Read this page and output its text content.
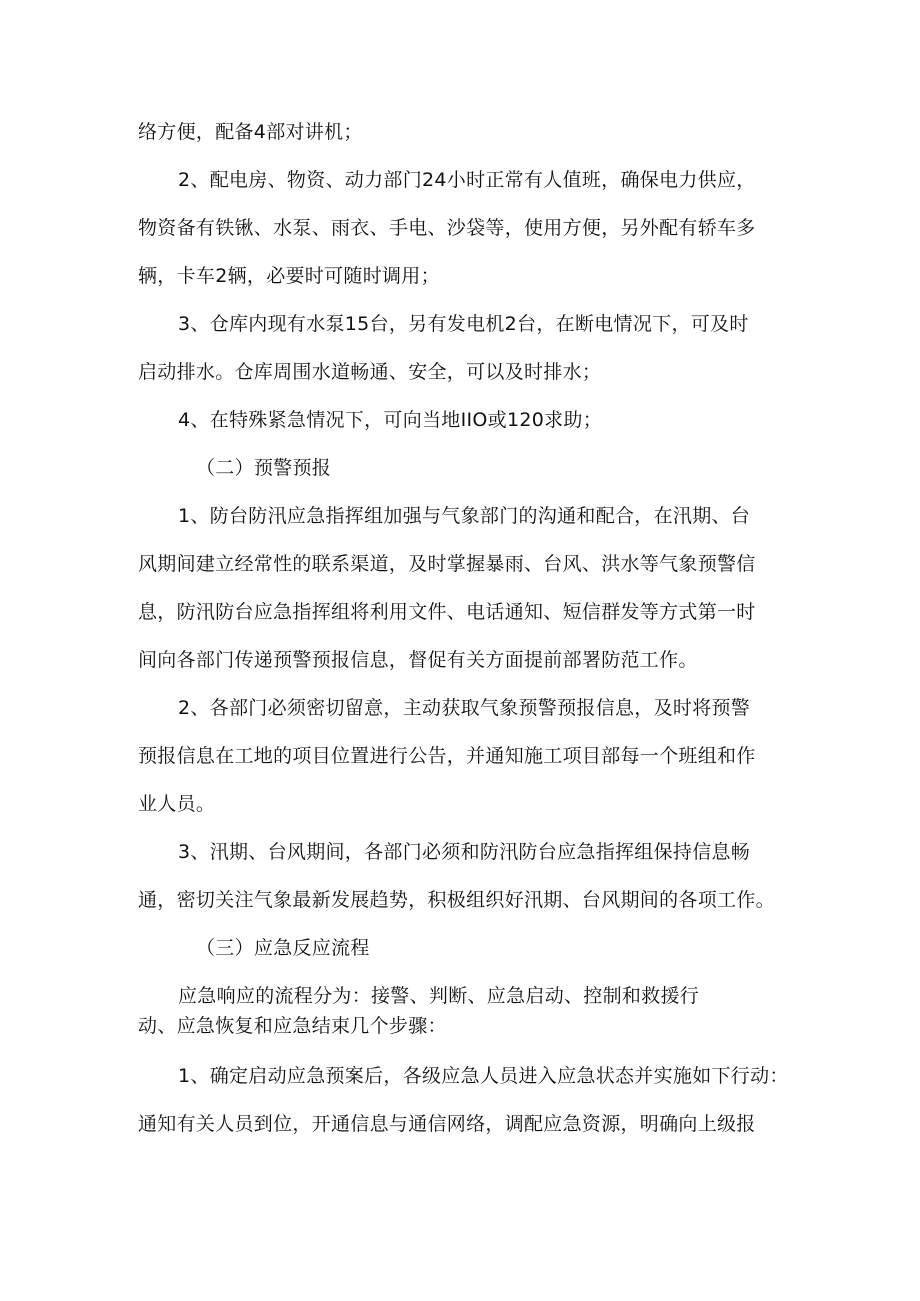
络方便，配备4部对讲机；
2、配电房、物资、动力部门24小时正常有人值班，确保电力供应，
物资备有铁锹、水泵、雨衣、手电、沙袋等，使用方便，另外配有轿车多
辆，卡车2辆，必要时可随时调用；
3、仓库内现有水泵15台，另有发电机2台，在断电情况下，可及时
启动排水。仓库周围水道畅通、安全，可以及时排水；
4、在特殊紧急情况下，可向当地IIO或120求助；
（二）预警预报
1、防台防汛应急指挥组加强与气象部门的沟通和配合，在汛期、台
风期间建立经常性的联系渠道，及时掌握暴雨、台风、洪水等气象预警信
息，防汛防台应急指挥组将利用文件、电话通知、短信群发等方式第一时
间向各部门传递预警预报信息，督促有关方面提前部署防范工作。
2、各部门必须密切留意，主动获取气象预警预报信息，及时将预警
预报信息在工地的项目位置进行公告，并通知施工项目部每一个班组和作
业人员。
3、汛期、台风期间，各部门必须和防汛防台应急指挥组保持信息畅
通，密切关注气象最新发展趋势，积极组织好汛期、台风期间的各项工作。
（三）应急反应流程
应急响应的流程分为：接警、判断、应急启动、控制和救援行
动、应急恢复和应急结束几个步骤：
1、确定启动应急预案后，各级应急人员进入应急状态并实施如下行动：
通知有关人员到位，开通信息与通信网络，调配应急资源，明确向上级报
